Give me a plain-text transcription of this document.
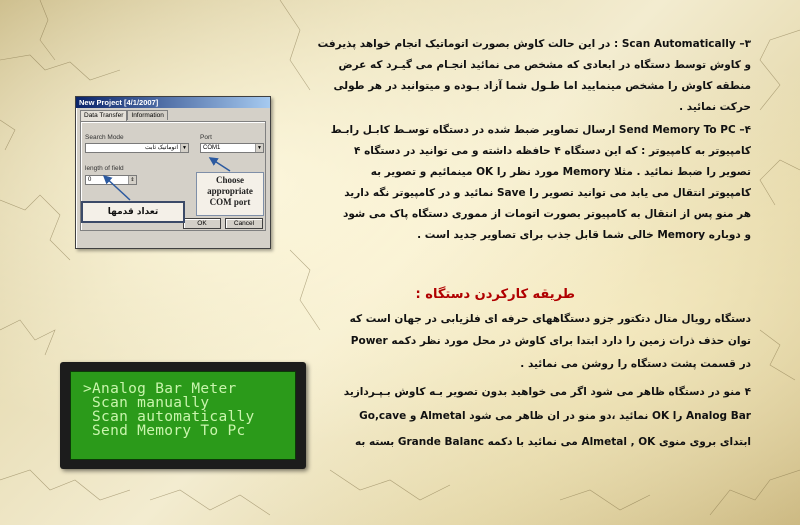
New Project [4/1/2007]
Data Transfer	Information
Search Mode
اتوماتیک ثابت ▼
Port
COM1	▼
length of field
0	⇕
OK	Cancel
Choose
appropriate
COM port
تعداد قدمها
>Analog Bar Meter
Scan manually
Scan automatically
Send Memory To Pc
۳– Scan Automatically : در این حالت کاوش بصورت اتوماتیک انجام خواهد پذیرفت
و کاوش توسط دستگاه در ابعادی که مشخص می نمائید انجـام می گیـرد که عرض
منطقه کاوش را مشخص مینمایید اما طـول شما آزاد بـوده و میتوانید در هر طولی
حرکت نمائید .
۴– Send Memory To PC ارسال تصاویر ضبط شده در دستگاه توسـط کابـل رابـط
کامپیوتر به کامپیوتر : که این دستگاه ۴ حافظه داشته و می توانید در دستگاه ۴
تصویر را ضبط نمائید . مثلا Memory مورد نظر را OK مینمائیم و تصویر به
کامپیوتر انتقال می یابد می توانید تصویر را Save نمائید و در کامپیوتر نگه دارید
هر منو پس از انتقال به کامپیوتر بصورت اتومات از مموری دستگاه پاک می شود
و دوباره Memory خالی شما قابل جذب برای تصاویر جدید است .
طریقه کارکردن دستگاه :
دستگاه رویال متال دتکتور جزو دستگاههای حرفه ای فلزیابی در جهان است که
توان حذف ذرات زمین را دارد ابتدا برای کاوش در محل مورد نظر دکمه Power
در قسمت پشت دستگاه را روشن می نمائید .
۴ منو در دستگاه ظاهر می شود اگر می خواهید بدون تصویر بـه کاوش بـپـردازید
Analog Bar را OK نمائید ،دو منو در ان ظاهر می شود Almetal و Go,cave
ابتدای بروی منوی Almetal , OK می نمائید با دکمه Grande Balanc بسته به
